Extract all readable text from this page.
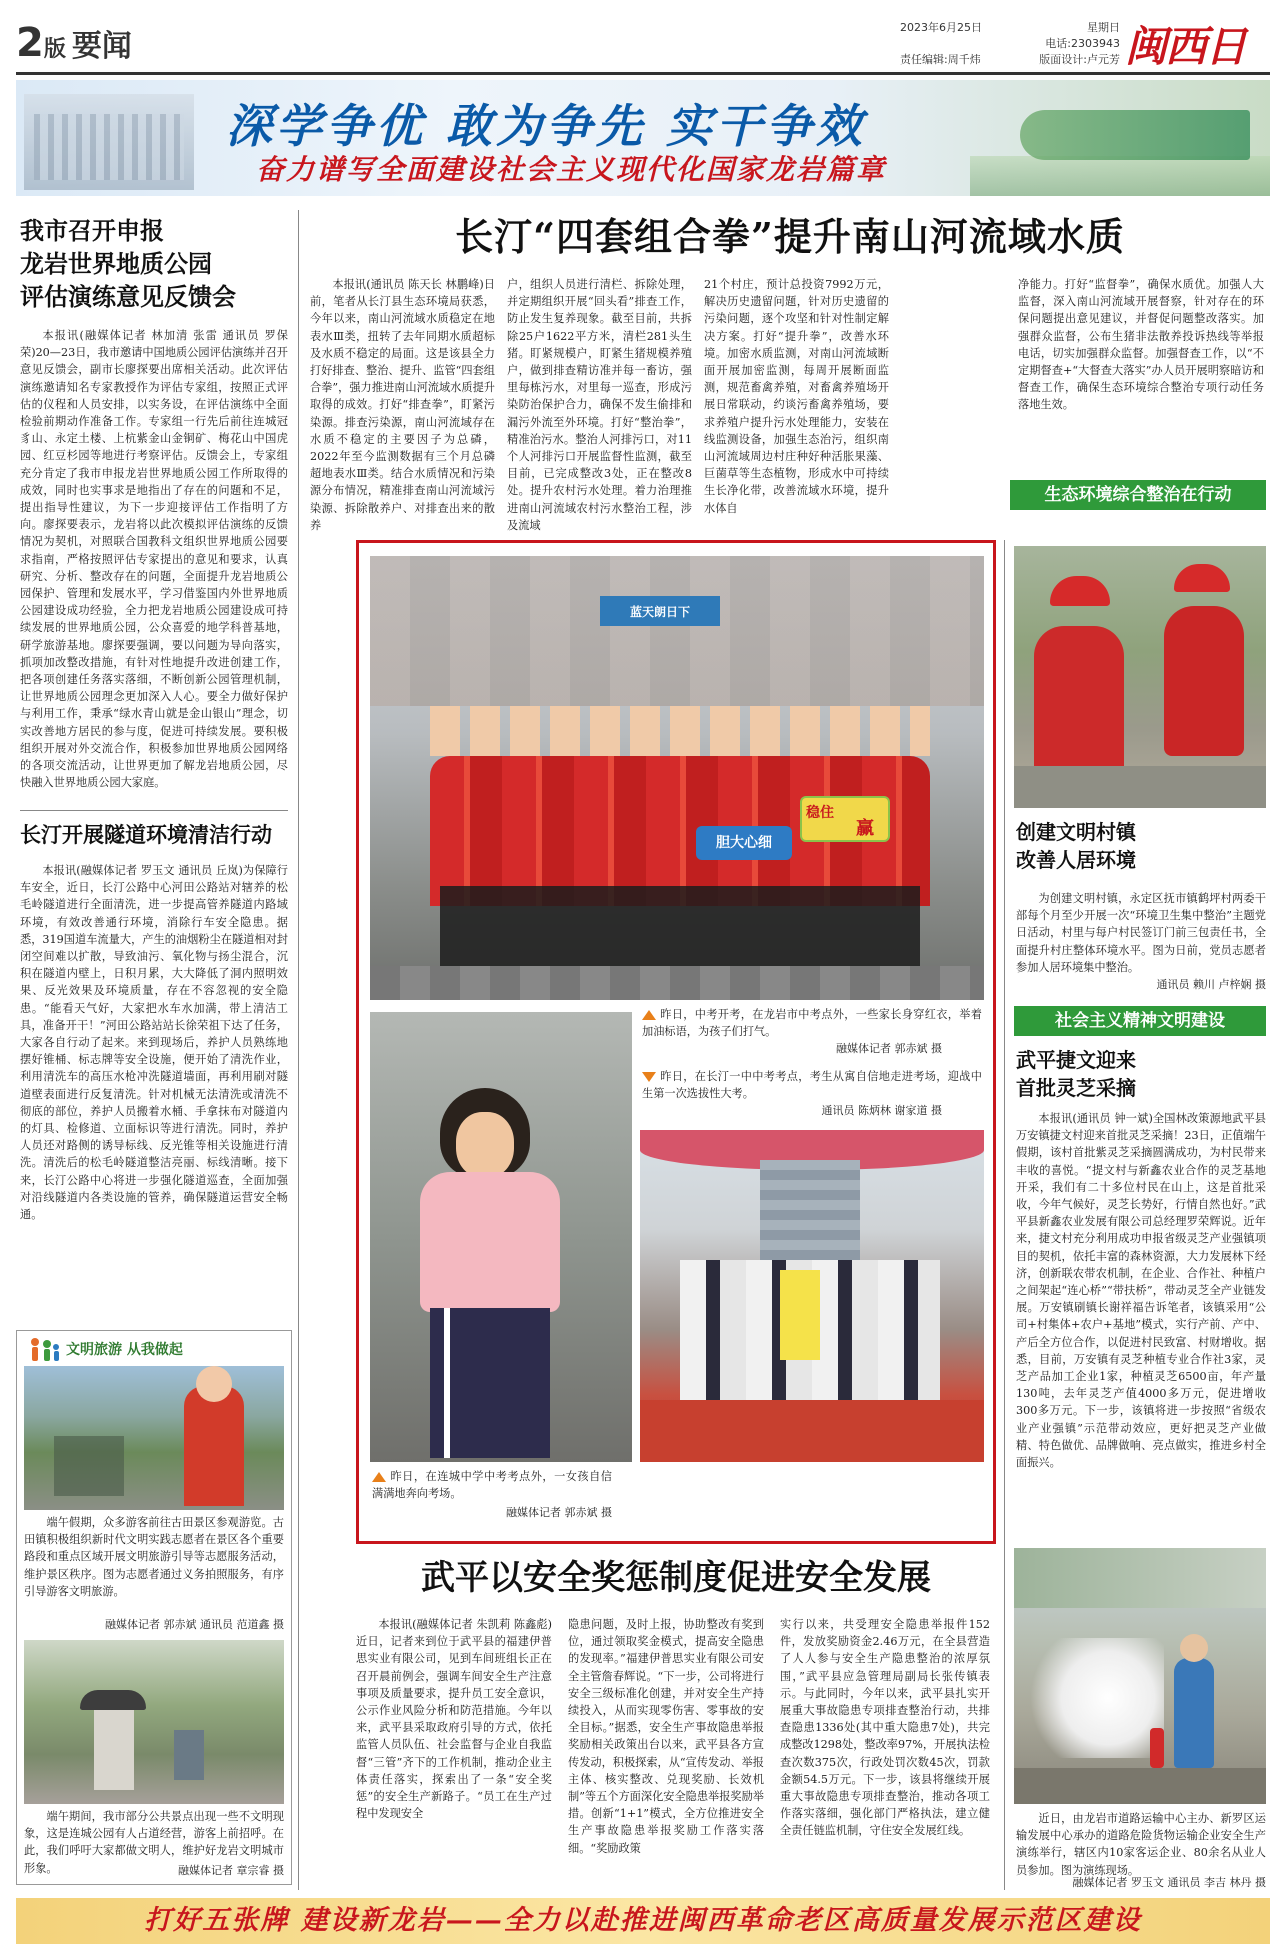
2版 要闻
2023年6月25日	星期日
电话:2303943
责任编辑:周千炜	版面设计:卢元芳 闽西日
深学争优 敢为争先 实干争效
奋力谱写全面建设社会主义现代化国家龙岩篇章
我市召开申报
龙岩世界地质公园
评估演练意见反馈会
本报讯(融媒体记者 林加清 张雷 通讯员 罗保荣)20—23日，我市邀请中国地质公园评估演练并召开意见反馈会，副市长廖探要出席相关活动。此次评估演练邀请知名专家教授作为评估专家组，按照正式评估的仪程和人员安排，以实务设，在评估演练中全面检验前期动作准备工作。专家组一行先后前往连城冠豸山、永定土楼、上杭紫金山金铜矿、梅花山中国虎园、红豆杉园等地进行考察评估。反馈会上，专家组充分肯定了我市申报龙岩世界地质公园工作所取得的成效，同时也实事求是地指出了存在的问题和不足，提出指导性建议，为下一步迎接评估工作指明了方向。廖探要表示，龙岩将以此次模拟评估演练的反馈情况为契机，对照联合国教科文组织世界地质公园要求指南，严格按照评估专家提出的意见和要求，认真研究、分析、整改存在的问题，全面提升龙岩地质公园保护、管理和发展水平，学习借鉴国内外世界地质公园建设成功经验，全力把龙岩地质公园建设成可持续发展的世界地质公园，公众喜爱的地学科普基地，研学旅游基地。廖探要强调，要以问题为导向落实，抓项加改整改措施，有针对性地提升改进创建工作，把各项创建任务落实落细，不断创新公园管理机制，让世界地质公园理念更加深入人心。要全力做好保护与利用工作，秉承“绿水青山就是金山银山”理念，切实改善地方居民的参与度，促进可持续发展。要积极组织开展对外交流合作，积极参加世界地质公园网络的各项交流活动，让世界更加了解龙岩地质公园，尽快融入世界地质公园大家庭。
长汀开展隧道环境清洁行动
本报讯(融媒体记者 罗玉文 通讯员 丘岚)为保障行车安全，近日，长汀公路中心河田公路站对辖养的松毛岭隧道进行全面清洗，进一步提高管养隧道内路域环境，有效改善通行环境，消除行车安全隐患。据悉，319国道车流量大，产生的油烟粉尘在隧道相对封闭空间难以扩散，导致油污、氧化物与扬尘混合，沉积在隧道内壁上，日积月累，大大降低了洞内照明效果、反光效果及环境质量，存在不容忽视的安全隐患。“能看天气好，大家把水车水加满，带上清洁工具，准备开干！”河田公路站站长徐荣祖下达了任务，大家各自行动了起来。来到现场后，养护人员熟练地摆好锥桶、标志牌等安全设施，便开始了清洗作业，利用清洗车的高压水枪冲洗隧道墙面，再利用刷对隧道壁表面进行反复清洗。针对机械无法清洗或清洗不彻底的部位，养护人员搬着水桶、手拿抹布对隧道内的灯具、检修道、立面标识等进行清洗。同时，养护人员还对路侧的诱导标线、反光锥等相关设施进行清洗。清洗后的松毛岭隧道整洁亮丽、标线清晰。接下来，长汀公路中心将进一步强化隧道巡查，全面加强对沿线隧道内各类设施的管养，确保隧道运营安全畅通。
文明旅游 从我做起
端午假期，众多游客前往古田景区参观游览。古田镇积极组织新时代文明实践志愿者在景区各个重要路段和重点区域开展文明旅游引导等志愿服务活动，维护景区秩序。图为志愿者通过义务拍照服务，有序引导游客文明旅游。
融媒体记者 郭赤斌 通讯员 范道鑫 摄
端午期间，我市部分公共景点出现一些不文明现象，这是连城公园有人占道经营，游客上前招呼。在此，我们呼吁大家都做文明人，维护好龙岩文明城市形象。	融媒体记者 章宗睿 摄
长汀“四套组合拳”提升南山河流域水质
本报讯(通讯员 陈天长 林鹏峰)日前，笔者从长汀县生态环境局获悉，今年以来，南山河流域水质稳定在地表水Ⅲ类，扭转了去年同期水质超标及水质不稳定的局面。这是该县全力打好排查、整治、提升、监管“四套组合拳”，强力推进南山河流域水质提升取得的成效。打好“排查拳”，盯紧污染源。排查污染源，南山河流域存在水质不稳定的主要因子为总磷，2022年至今监测数据有三个月总磷超地表水Ⅲ类。结合水质情况和污染源分布情况，精准排查南山河流域污染源、拆除散养户、对排查出来的散养
户，组织人员进行清栏、拆除处理，并定期组织开展“回头看”排查工作，防止发生复养现象。截至目前，共拆除25户1622平方米，清栏281头生猪。盯紧规模户，盯紧生猪规模养殖户，做到排查精访准并每一畜访，强里每栋污水，对里每一巡查，形成污染防治保护合力，确保不发生偷排和漏污外流至外环境。打好“整治拳”，精准治污水。整治人河排污口，对11个人河排污口开展监督性监测，截至目前，已完成整改3处，正在整改8处。提升农村污水处理。着力治理推进南山河流域农村污水整治工程，涉及流域
21个村庄，预计总投资7992万元，解决历史遗留问题，针对历史遗留的污染问题，逐个攻坚和针对性制定解决方案。打好“提升拳”，改善水环境。加密水质监测，对南山河流域断面开展加密监测，每周开展断面监测，规范畜禽养殖，对畜禽养殖场开展日常联动，约谈污畜禽养殖场，要求养殖户提升污水处理能力，安装在线监测设备，加强生态治污，组织南山河流域周边村庄种好种活胀果藻、巨菌草等生态植物，形成水中可持续生长净化带，改善流域水环境，提升水体自
净能力。打好“监督拳”，确保水质优。加强人大监督，深入南山河流域开展督察，针对存在的环保问题提出意见建议，并督促问题整改落实。加强群众监督，公布生猪非法散养投诉热线等举报电话，切实加强群众监督。加强督查工作，以“不定期督查+“大督查大落实”办人员开展明察暗访和督查工作，确保生态环境综合整治专项行动任务落地生效。
生态环境综合整治在行动
蓝天朗日下
稳住
赢
胆大心细
昨日，中考开考，在龙岩市中考点外，一些家长身穿红衣，举着加油标语，为孩子们打气。
融媒体记者 郭赤斌 摄
昨日，在长汀一中中考考点，考生从寓自信地走进考场，迎战中生第一次选拔性大考。
通讯员 陈炳林 谢家道 摄
昨日，在连城中学中考考点外，一女孩自信满满地奔向考场。
融媒体记者 郭赤斌 摄
武平以安全奖惩制度促进安全发展
本报讯(融媒体记者 朱凯莉 陈鑫彪)近日，记者来到位于武平县的福建伊普思实业有限公司，见到车间班组长正在召开晨前例会，强调车间安全生产注意事项及质量要求，提升员工安全意识，公示作业风险分析和防范措施。今年以来，武平县采取政府引导的方式，依托监管人员队伍、社会监督与企业自我监督“三管”齐下的工作机制，推动企业主体责任落实，探索出了一条“安全奖惩”的安全生产新路子。“员工在生产过程中发现安全
隐患问题，及时上报，协助整改有奖到位，通过领取奖金模式，提高安全隐患的发现率。”福建伊普思实业有限公司安全主管詹春辉说。“下一步，公司将进行安全三级标准化创建，并对安全生产持续投入，从而实现零伤害、零事故的安全目标。”据悉，安全生产事故隐患举报奖励相关政策出台以来，武平县各方宣传发动，积极探索，从“宣传发动、举报主体、核实整改、兑现奖励、长效机制”等五个方面深化安全隐患举报奖励举措。创新“1+1”模式，全方位推进安全生产事故隐患举报奖励工作落实落细。“奖励政策
实行以来，共受理安全隐患举报件152件，发放奖励资金2.46万元，在全县营造了人人参与安全生产隐患整治的浓厚氛围，”武平县应急管理局副局长张传镇表示。与此同时，今年以来，武平县扎实开展重大事故隐患专项排查整治行动，共排查隐患1336处(其中重大隐患7处)，共完成整改1298处，整改率97%，开展执法检查次数375次，行政处罚次数45次，罚款金额54.5万元。下一步，该县将继续开展重大事故隐患专项排查整治，推动各项工作落实落细，强化部门严格执法，建立健全责任链监机制，守住安全发展红线。
创建文明村镇
改善人居环境
为创建文明村镇，永定区抚市镇鹤坪村两委干部每个月至少开展一次“环境卫生集中整治”主题党日活动，村里与每户村民签订门前三包责任书，全面提升村庄整体环境水平。图为日前，党员志愿者参加人居环境集中整治。
通讯员 赖川 卢梓娴 摄
社会主义精神文明建设
武平捷文迎来
首批灵芝采摘
本报讯(通讯员 钟一斌)全国林改策源地武平县万安镇捷文村迎来首批灵芝采摘！23日，正值端午假期，该村首批紫灵芝采摘圆满成功，为村民带来丰收的喜悦。“提文村与新鑫农业合作的灵芝基地开采，我们有二十多位村民在山上，这是首批采收，今年气候好，灵芝长势好，行情自然也好。”武平县新鑫农业发展有限公司总经理罗荣辉说。近年来，捷文村充分利用成功申报省级灵芝产业强镇项目的契机，依托丰富的森林资源，大力发展林下经济，创新联农带农机制，在企业、合作社、种植户之间架起“连心桥”“带扶桥”，带动灵芝全产业链发展。万安镇刷镇长谢祥福告诉笔者，该镇采用“公司+村集体+农户+基地”模式，实行产前、产中、产后全方位合作，以促进村民致富、村财增收。据悉，目前，万安镇有灵芝种植专业合作社3家，灵芝产品加工企业1家，种植灵芝6500亩，年产量130吨，去年灵芝产值4000多万元，促进增收300多万元。下一步，该镇将进一步按照“省级农业产业强镇”示范带动效应，更好把灵芝产业做精、特色做优、品牌做响、亮点做实，推进乡村全面振兴。
近日，由龙岩市道路运输中心主办、新罗区运输发展中心承办的道路危险货物运输企业安全生产演练举行，辖区内10家客运企业、80余名从业人员参加。图为演练现场。
融媒体记者 罗玉文 通讯员 李吉 林丹 摄
打好五张牌 建设新龙岩——全力以赴推进闽西革命老区高质量发展示范区建设
